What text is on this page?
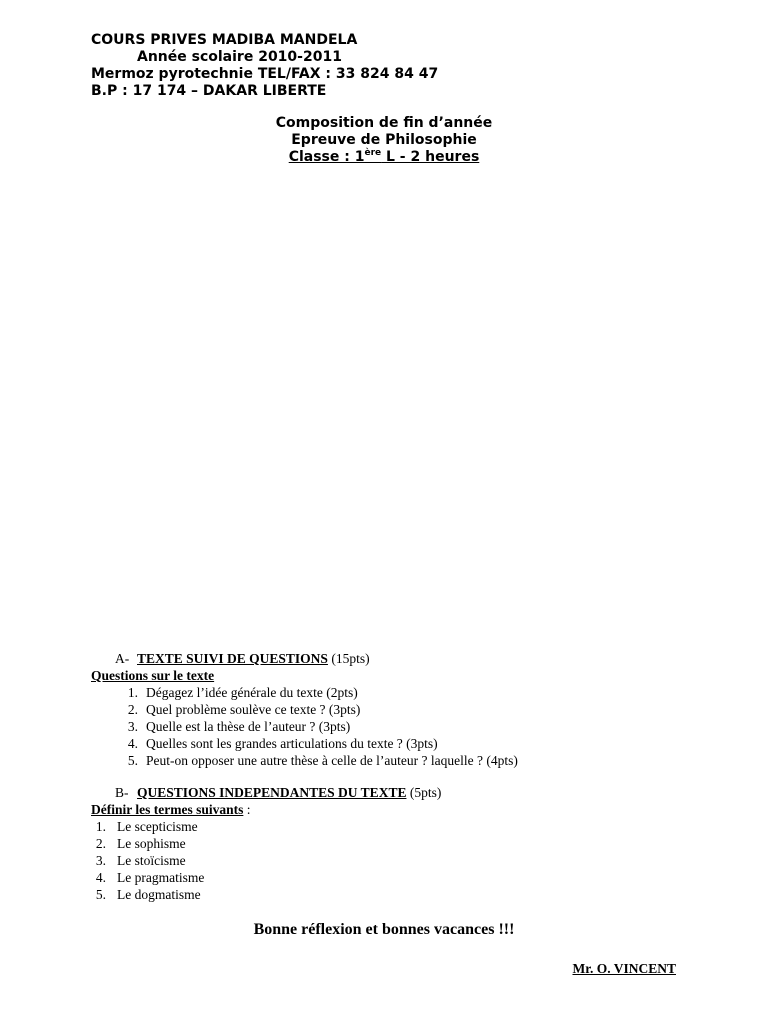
COURS PRIVES MADIBA MANDELA
Année scolaire 2010-2011
Mermoz pyrotechnie TEL/FAX : 33 824 84 47
B.P : 17 174 – DAKAR LIBERTE
Composition de fin d’année
Epreuve de Philosophie
Classe : 1ère L - 2 heures
A- TEXTE SUIVI DE QUESTIONS (15pts)
Questions sur le texte
1. Dégagez l’idée générale du texte (2pts)
2. Quel problème soulève ce texte ? (3pts)
3. Quelle est la thèse de l’auteur ? (3pts)
4. Quelles sont les grandes articulations du texte ? (3pts)
5. Peut-on opposer une autre thèse à celle de l’auteur ? laquelle ? (4pts)
B- QUESTIONS INDEPENDANTES DU TEXTE (5pts)
Définir les termes suivants :
1. Le scepticisme
2. Le sophisme
3. Le stoïcisme
4. Le pragmatisme
5. Le dogmatisme
Bonne réflexion et bonnes vacances !!!
Mr. O. VINCENT
